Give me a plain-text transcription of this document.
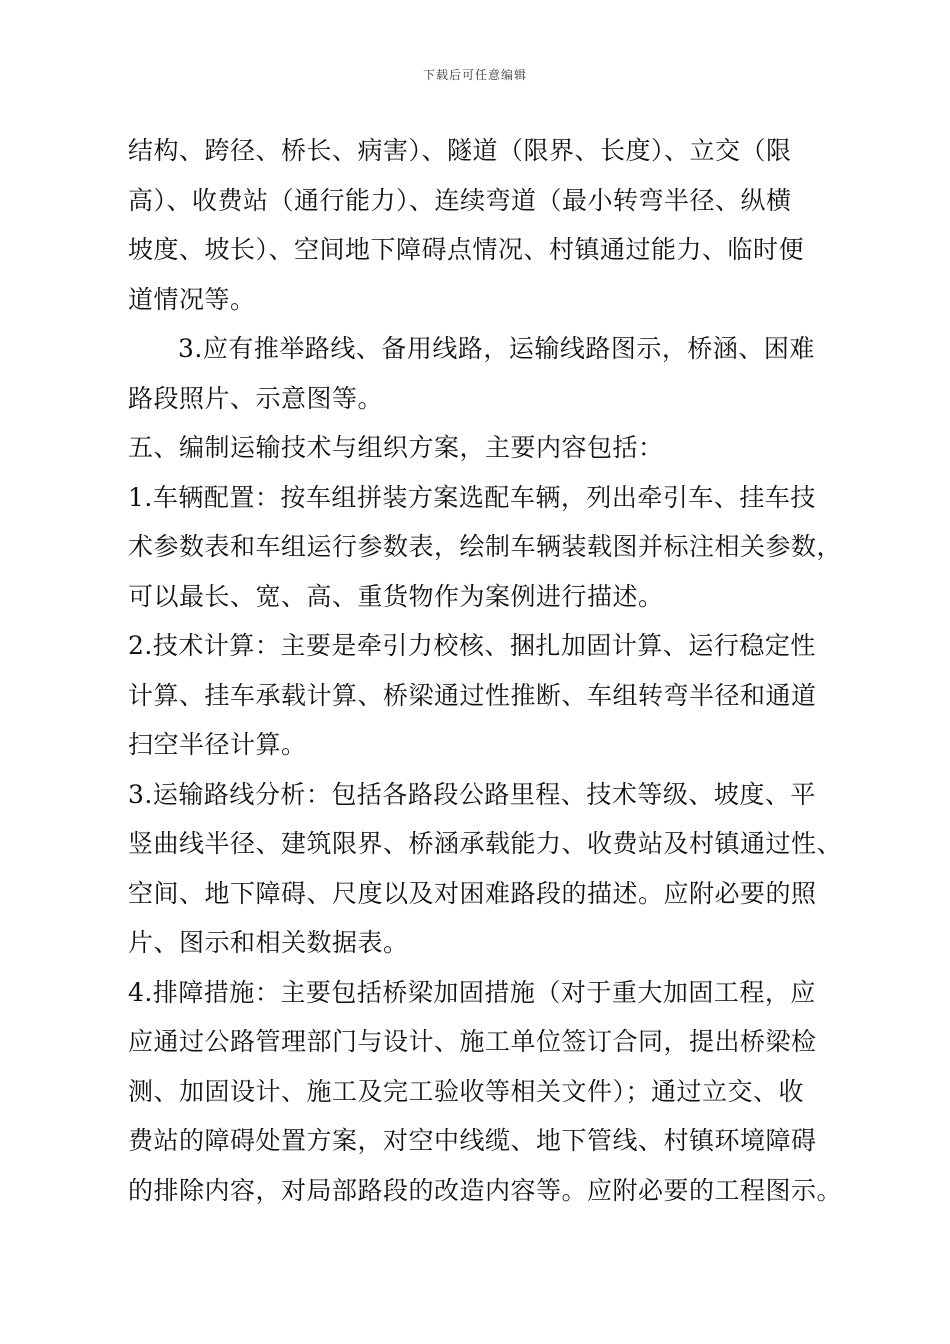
下载后可任意编辑
结构、跨径、桥长、病害）、隧道（限界、长度）、立交（限
高）、收费站（通行能力）、连续弯道（最小转弯半径、纵横
坡度、坡长）、空间地下障碍点情况、村镇通过能力、临时便
道情况等。
3.应有推举路线、备用线路，运输线路图示，桥涵、困难
路段照片、示意图等。
五、编制运输技术与组织方案，主要内容包括：
1.车辆配置：按车组拼装方案选配车辆，列出牵引车、挂车技
术参数表和车组运行参数表，绘制车辆装载图并标注相关参数，
可以最长、宽、高、重货物作为案例进行描述。
2.技术计算：主要是牵引力校核、捆扎加固计算、运行稳定性
计算、挂车承载计算、桥梁通过性推断、车组转弯半径和通道
扫空半径计算。
3.运输路线分析：包括各路段公路里程、技术等级、坡度、平
竖曲线半径、建筑限界、桥涵承载能力、收费站及村镇通过性、
空间、地下障碍、尺度以及对困难路段的描述。应附必要的照
片、图示和相关数据表。
4.排障措施：主要包括桥梁加固措施（对于重大加固工程，应
应通过公路管理部门与设计、施工单位签订合同，提出桥梁检
测、加固设计、施工及完工验收等相关文件）；通过立交、收
费站的障碍处置方案，对空中线缆、地下管线、村镇环境障碍
的排除内容，对局部路段的改造内容等。应附必要的工程图示。
